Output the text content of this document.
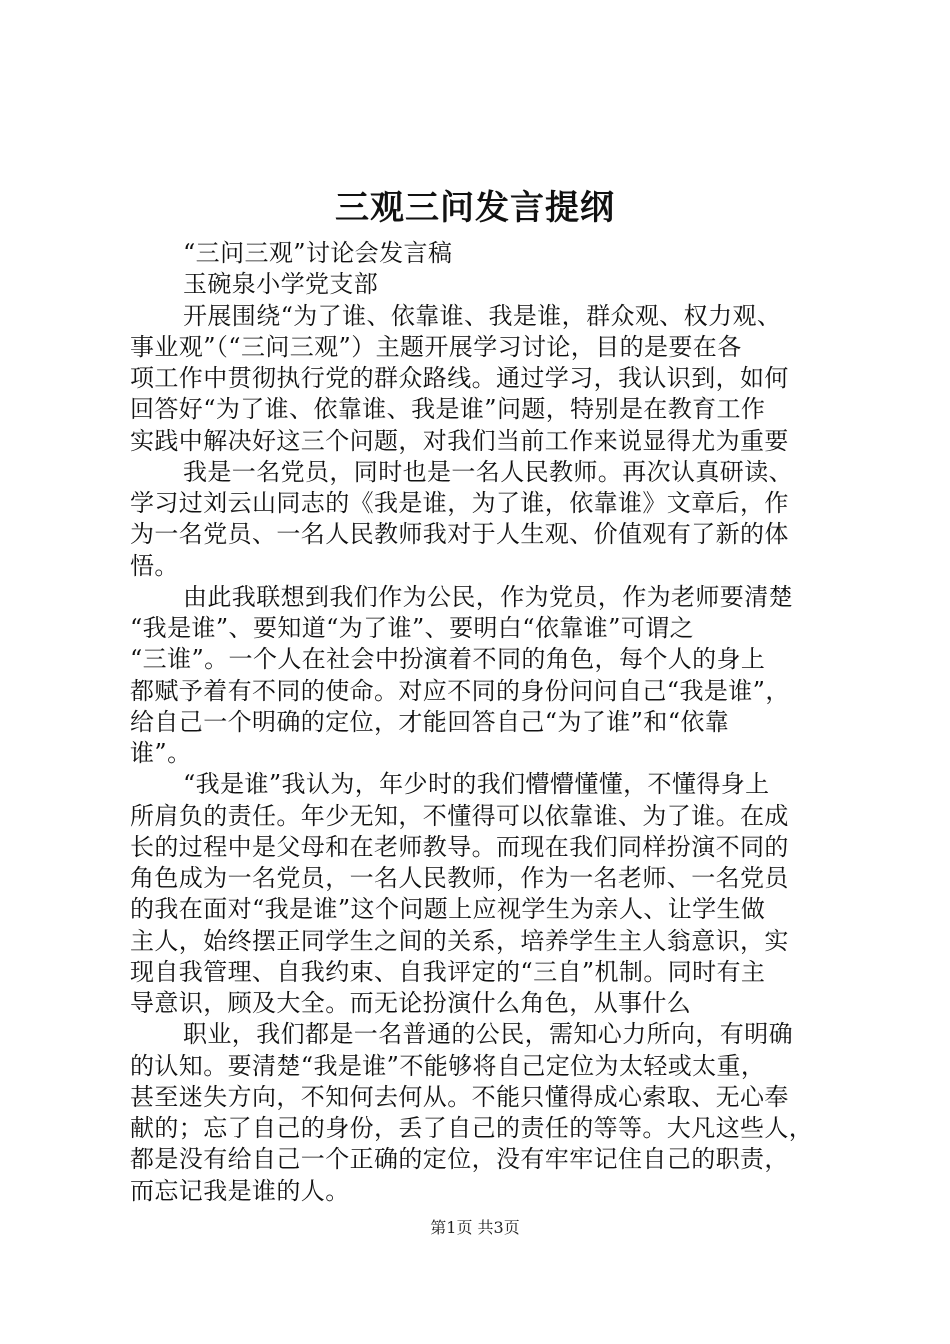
三观三问发言提纲
“三问三观”讨论会发言稿
玉碗泉小学党支部
开展围绕“为了谁、依靠谁、我是谁，群众观、权力观、
事业观”（“三问三观”）主题开展学习讨论，目的是要在各
项工作中贯彻执行党的群众路线。通过学习，我认识到，如何
回答好“为了谁、依靠谁、我是谁”问题，特别是在教育工作
实践中解决好这三个问题，对我们当前工作来说显得尤为重要
我是一名党员，同时也是一名人民教师。再次认真研读、
学习过刘云山同志的《我是谁，为了谁，依靠谁》文章后，作
为一名党员、一名人民教师我对于人生观、价值观有了新的体
悟。
由此我联想到我们作为公民，作为党员，作为老师要清楚
“我是谁”、要知道“为了谁”、要明白“依靠谁”可谓之
“三谁”。一个人在社会中扮演着不同的角色，每个人的身上
都赋予着有不同的使命。对应不同的身份问问自己“我是谁”，
给自己一个明确的定位，才能回答自己“为了谁”和“依靠
谁”。
“我是谁”我认为，年少时的我们懵懵懂懂，不懂得身上
所肩负的责任。年少无知，不懂得可以依靠谁、为了谁。在成
长的过程中是父母和在老师教导。而现在我们同样扮演不同的
角色成为一名党员，一名人民教师，作为一名老师、一名党员
的我在面对“我是谁”这个问题上应视学生为亲人、让学生做
主人，始终摆正同学生之间的关系，培养学生主人翁意识，实
现自我管理、自我约束、自我评定的“三自”机制。同时有主
导意识，顾及大全。而无论扮演什么角色，从事什么
职业，我们都是一名普通的公民，需知心力所向，有明确
的认知。要清楚“我是谁”不能够将自己定位为太轻或太重，
甚至迷失方向，不知何去何从。不能只懂得成心索取、无心奉
献的；忘了自己的身份，丢了自己的责任的等等。大凡这些人，
都是没有给自己一个正确的定位，没有牢牢记住自己的职责，
而忘记我是谁的人。
第1页 共3页
